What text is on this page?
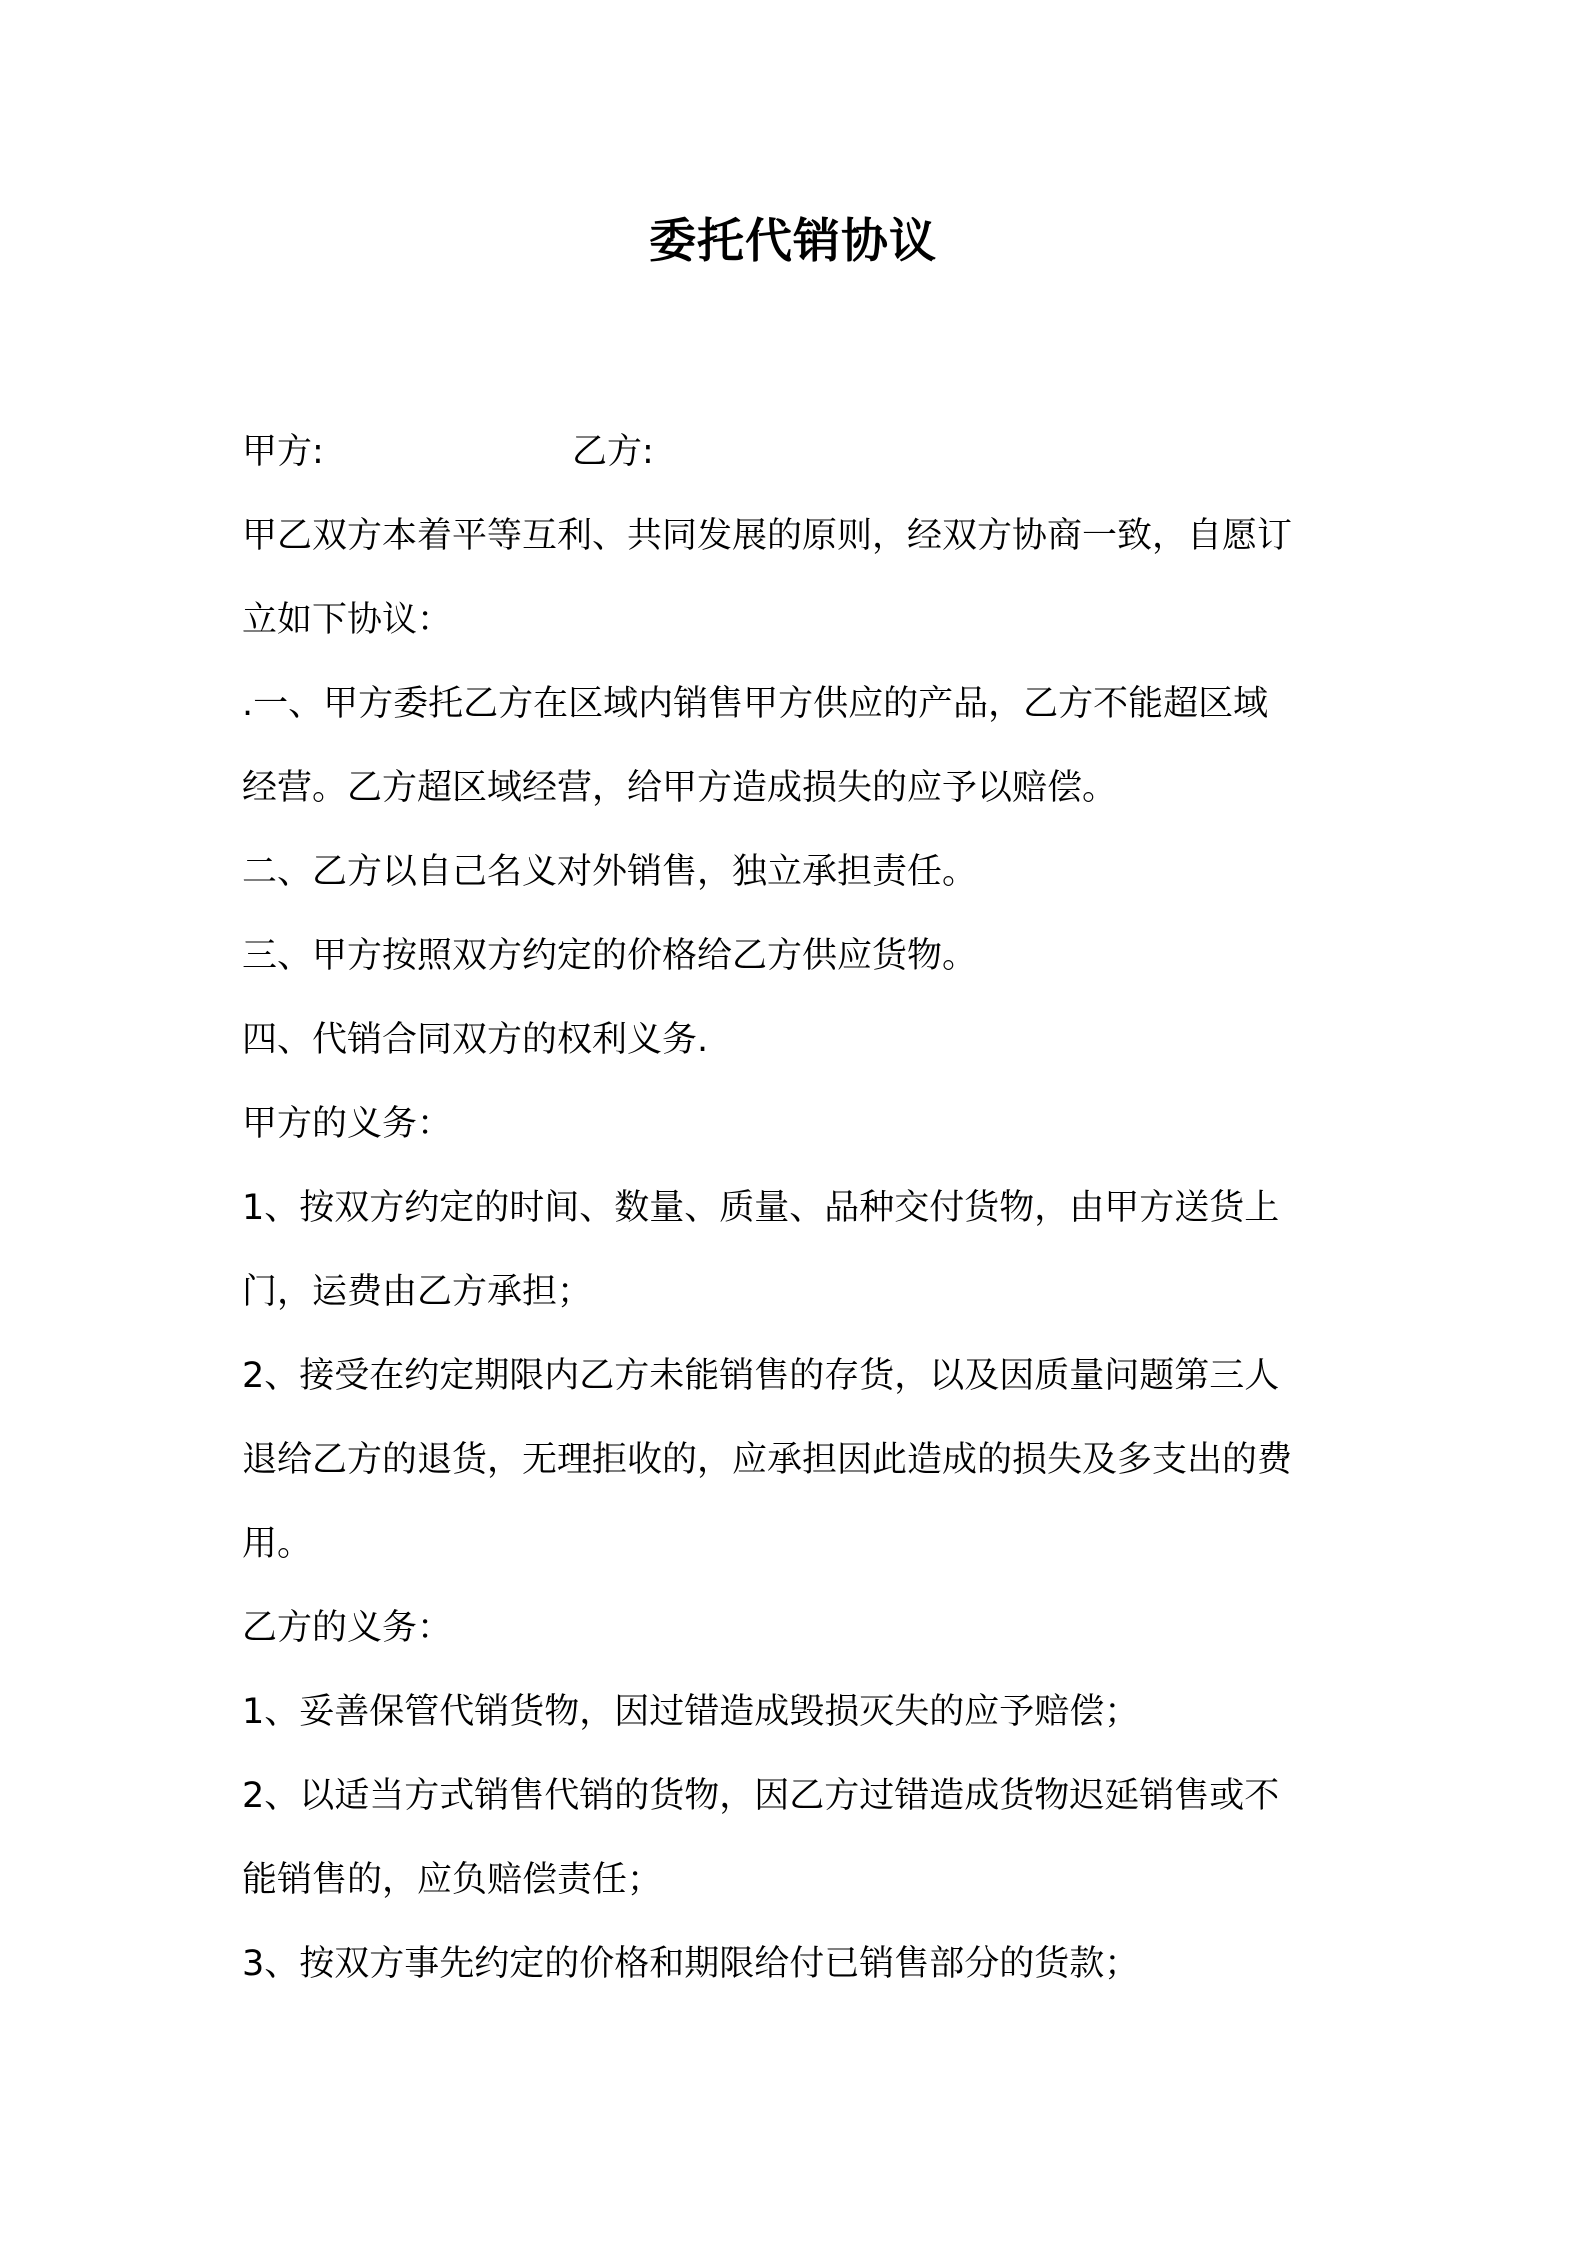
委托代销协议
甲方:	乙方:
甲乙双方本着平等互利、共同发展的原则，经双方协商一致，自愿订
立如下协议：
.一、甲方委托乙方在区域内销售甲方供应的产品，乙方不能超区域
经营。乙方超区域经营，给甲方造成损失的应予以赔偿。
二、乙方以自己名义对外销售，独立承担责任。
三、甲方按照双方约定的价格给乙方供应货物。
四、代销合同双方的权利义务.
甲方的义务：
1、按双方约定的时间、数量、质量、品种交付货物，由甲方送货上
门，运费由乙方承担；
2、接受在约定期限内乙方未能销售的存货，以及因质量问题第三人
退给乙方的退货，无理拒收的，应承担因此造成的损失及多支出的费
用。
乙方的义务：
1、妥善保管代销货物，因过错造成毁损灭失的应予赔偿；
2、以适当方式销售代销的货物，因乙方过错造成货物迟延销售或不
能销售的，应负赔偿责任；
3、按双方事先约定的价格和期限给付已销售部分的货款；
